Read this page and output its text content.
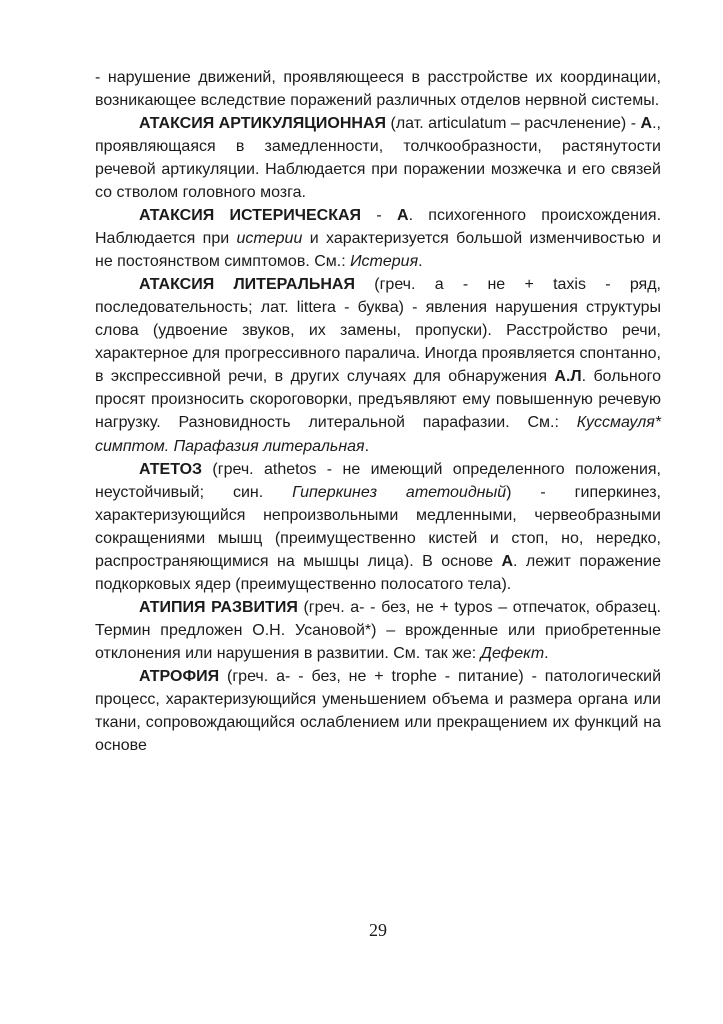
- нарушение движений, проявляющееся в расстройстве их координации, возникающее вследствие поражений различных отделов нервной системы.

АТАКСИЯ АРТИКУЛЯЦИОННАЯ (лат. articulatum – расчленение) - А., проявляющаяся в замедленности, толчкообразности, растянутости речевой артикуляции. Наблюдается при поражении мозжечка и его связей со стволом головного мозга.

АТАКСИЯ ИСТЕРИЧЕСКАЯ - А. психогенного происхождения. Наблюдается при истерии и характеризуется большой изменчивостью и не постоянством симптомов. См.: Истерия.

АТАКСИЯ ЛИТЕРАЛЬНАЯ (греч. a - не + taxis - ряд, последовательность; лат. littera - буква) - явления нарушения структуры слова (удвоение звуков, их замены, пропуски). Расстройство речи, характерное для прогрессивного паралича. Иногда проявляется спонтанно, в экспрессивной речи, в других случаях для обнаружения А.Л. больного просят произносить скороговорки, предъявляют ему повышенную речевую нагрузку. Разновидность литеральной парафазии. См.: Куссмауля* симптом. Парафазия литеральная.

АТЕТОЗ (греч. athetos - не имеющий определенного положения, неустойчивый; син. Гиперкинез атетоидный) - гиперкинез, характеризующийся непроизвольными медленными, червеобразными сокращениями мышц (преимущественно кистей и стоп, но, нередко, распространяющимися на мышцы лица). В основе А. лежит поражение подкорковых ядер (преимущественно полосатого тела).

АТИПИЯ РАЗВИТИЯ (греч. а- - без, не + typos – отпечаток, образец. Термин предложен О.Н. Усановой*) – врожденные или приобретенные отклонения или нарушения в развитии. См. так же: Дефект.

АТРОФИЯ (греч. а- - без, не + trophe - питание) - патологический процесс, характеризующийся уменьшением объема и размера органа или ткани, сопровождающийся ослаблением или прекращением их функций на основе

29
